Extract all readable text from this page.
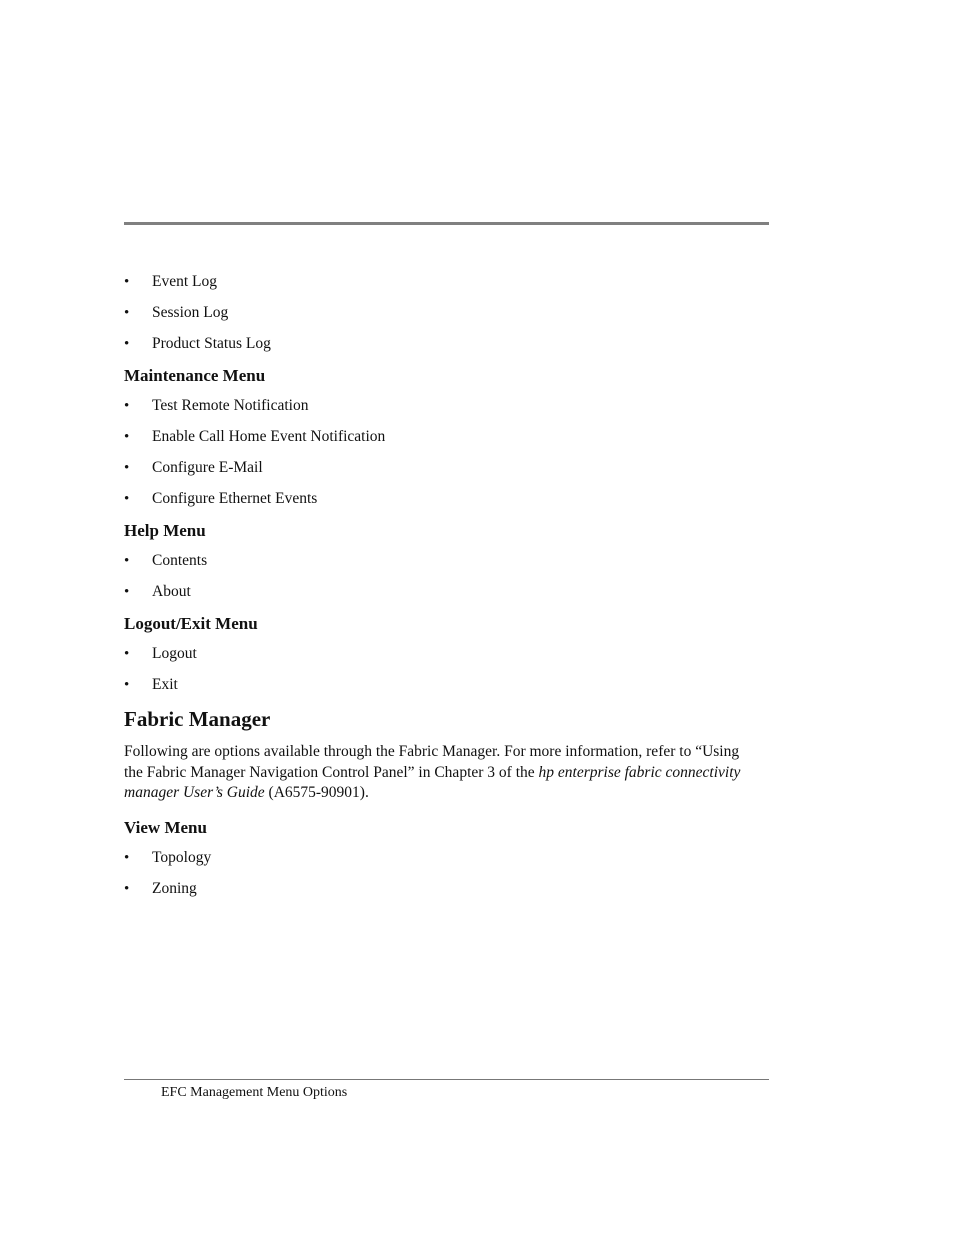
• Event Log
• Session Log
• Product Status Log
Maintenance Menu
• Test Remote Notification
• Enable Call Home Event Notification
• Configure E-Mail
• Configure Ethernet Events
Help Menu
• Contents
• About
Logout/Exit Menu
• Logout
• Exit
Fabric Manager

Following are options available through the Fabric Manager. For more information, refer to “Using the Fabric Manager Navigation Control Panel” in Chapter 3 of the hp enterprise fabric connectivity manager User’s Guide (A6575-90901).

View Menu
• Topology
• Zoning
EFC Management Menu Options
